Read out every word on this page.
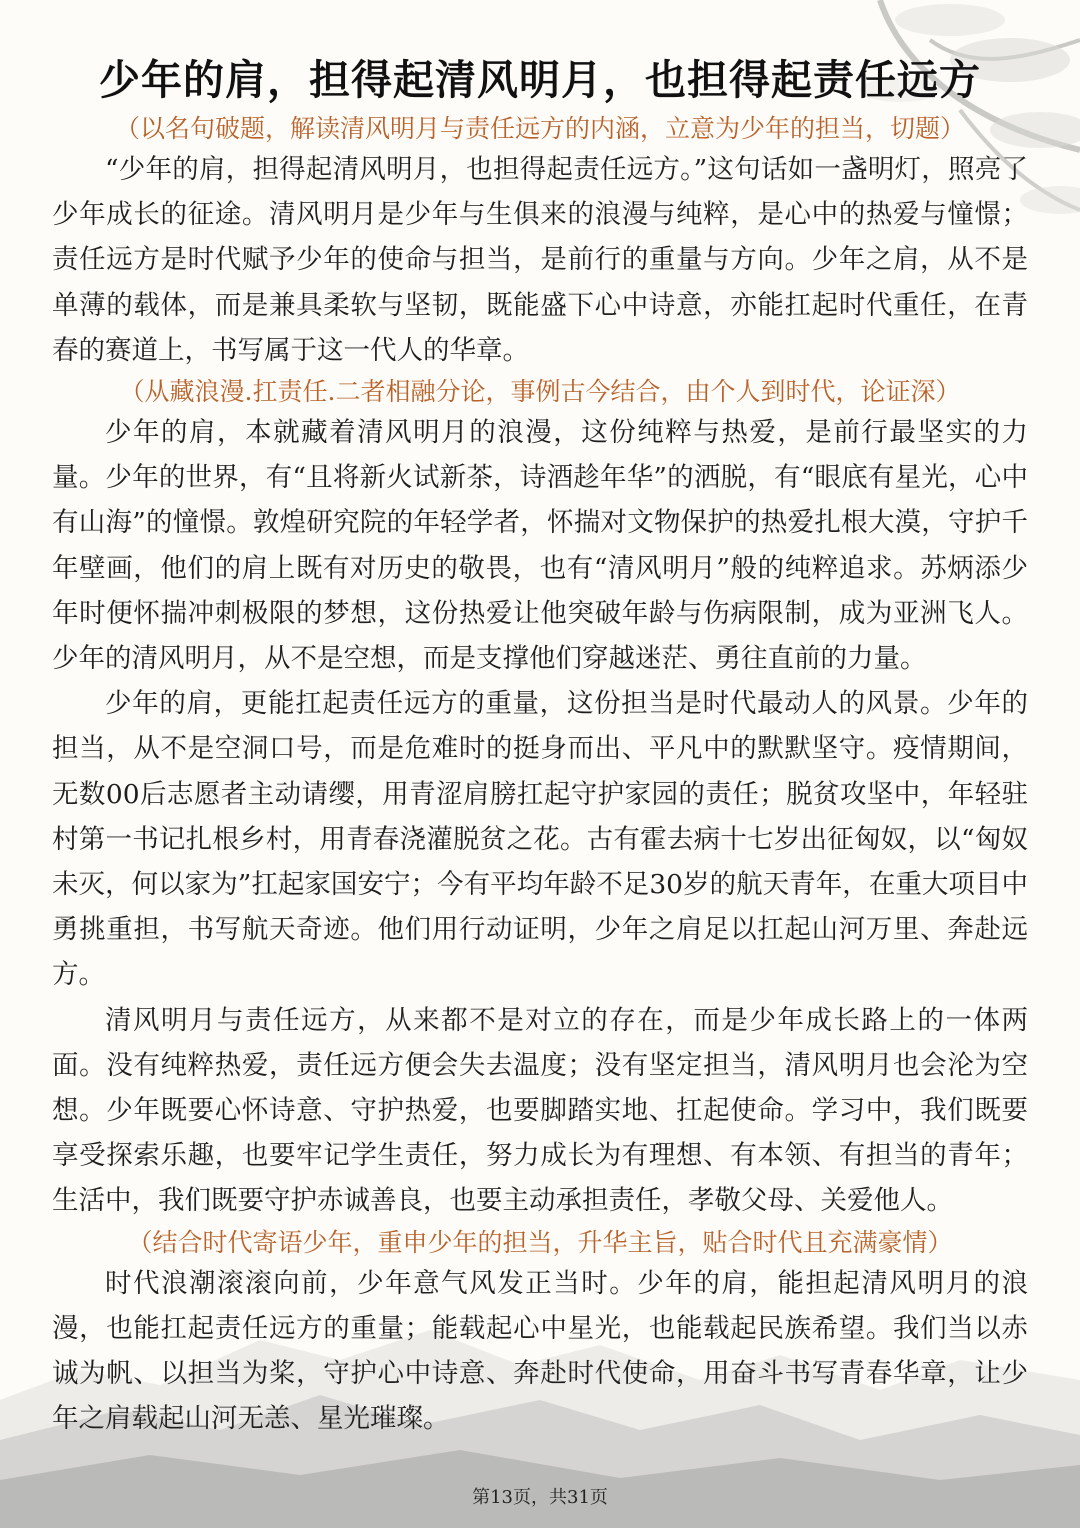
少年的肩，担得起清风明月，也担得起责任远方

（以名句破题，解读清风明月与责任远方的内涵，立意为少年的担当，切题）

“少年的肩，担得起清风明月，也担得起责任远方。”这句话如一盏明灯，照亮了少年成长的征途。清风明月是少年与生俱来的浪漫与纯粹，是心中的热爱与憧憬；责任远方是时代赋予少年的使命与担当，是前行的重量与方向。少年之肩，从不是单薄的载体，而是兼具柔软与坚韧，既能盛下心中诗意，亦能扛起时代重任，在青春的赛道上，书写属于这一代人的华章。

（从藏浪漫.扛责任.二者相融分论，事例古今结合，由个人到时代，论证深）

少年的肩，本就藏着清风明月的浪漫，这份纯粹与热爱，是前行最坚实的力量。少年的世界，有“且将新火试新茶，诗酒趁年华”的洒脱，有“眼底有星光，心中有山海”的憧憬。敦煌研究院的年轻学者，怀揣对文物保护的热爱扎根大漠，守护千年壁画，他们的肩上既有对历史的敬畏，也有“清风明月”般的纯粹追求。苏炳添少年时便怀揣冲刺极限的梦想，这份热爱让他突破年龄与伤病限制，成为亚洲飞人。少年的清风明月，从不是空想，而是支撑他们穿越迷茫、勇往直前的力量。

少年的肩，更能扛起责任远方的重量，这份担当是时代最动人的风景。少年的担当，从不是空洞口号，而是危难时的挺身而出、平凡中的默默坚守。疫情期间，无数00后志愿者主动请缨，用青涩肩膀扛起守护家园的责任；脱贫攻坚中，年轻驻村第一书记扎根乡村，用青春浇灌脱贫之花。古有霍去病十七岁出征匈奴，以“匈奴未灭，何以家为”扛起家国安宁；今有平均年龄不足30岁的航天青年，在重大项目中勇挑重担，书写航天奇迹。他们用行动证明，少年之肩足以扛起山河万里、奔赴远方。

清风明月与责任远方，从来都不是对立的存在，而是少年成长路上的一体两面。没有纯粹热爱，责任远方便会失去温度；没有坚定担当，清风明月也会沦为空想。少年既要心怀诗意、守护热爱，也要脚踏实地、扛起使命。学习中，我们既要享受探索乐趣，也要牢记学生责任，努力成长为有理想、有本领、有担当的青年；生活中，我们既要守护赤诚善良，也要主动承担责任，孝敬父母、关爱他人。

（结合时代寄语少年，重申少年的担当，升华主旨，贴合时代且充满豪情）

时代浪潮滚滚向前，少年意气风发正当时。少年的肩，能担起清风明月的浪漫，也能扛起责任远方的重量；能载起心中星光，也能载起民族希望。我们当以赤诚为帆、以担当为桨，守护心中诗意、奔赴时代使命，用奋斗书写青春华章，让少年之肩载起山河无恙、星光璀璨。

第13页，共31页
